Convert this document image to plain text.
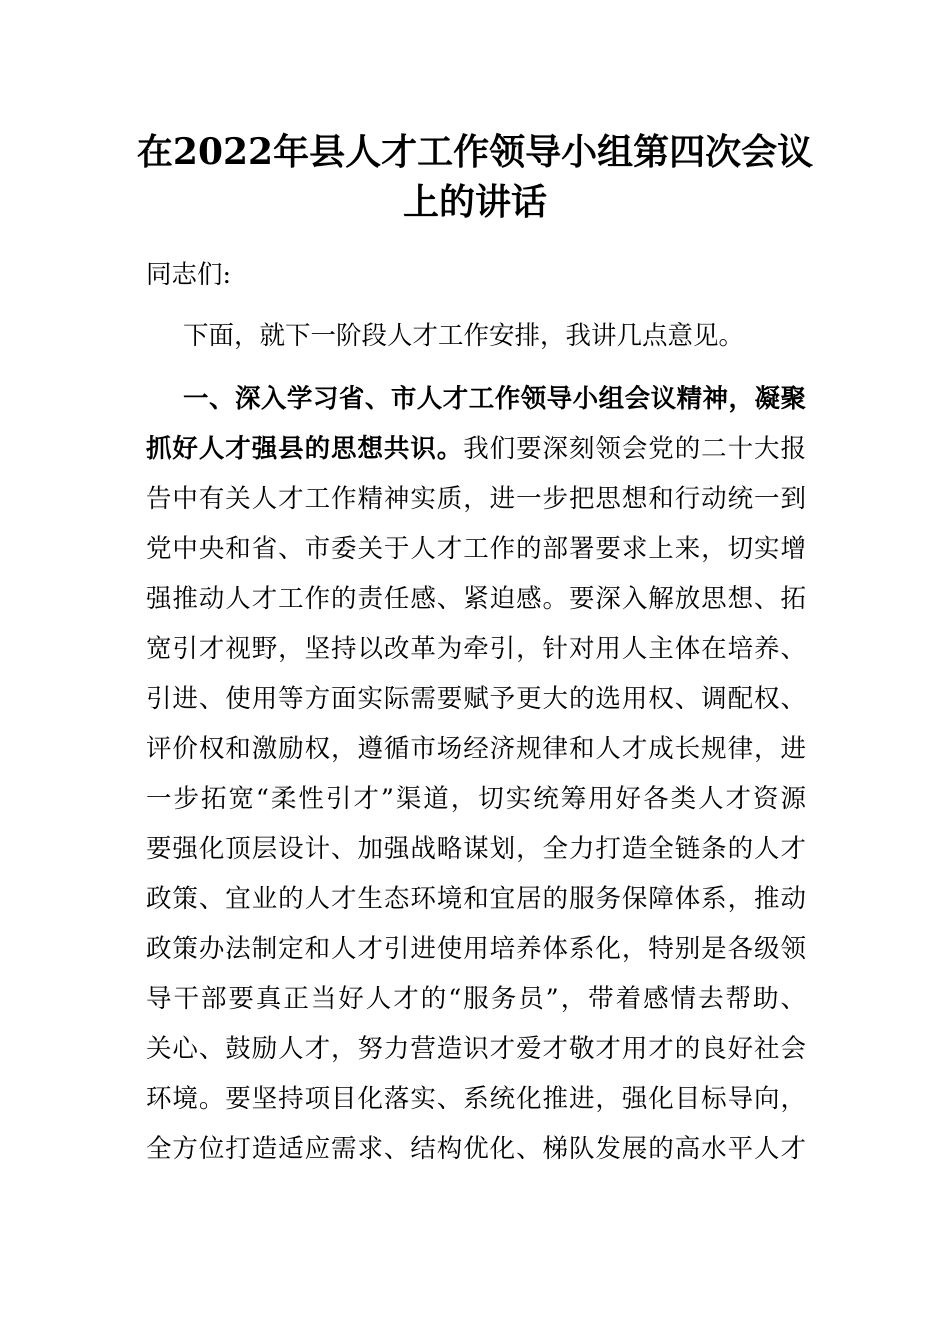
在2022年县人才工作领导小组第四次会议
上的讲话
同志们:
下面，就下一阶段人才工作安排，我讲几点意见。
一、深入学习省、市人才工作领导小组会议精神，凝聚
抓好人才强县的思想共识。我们要深刻领会党的二十大报
告中有关人才工作精神实质，进一步把思想和行动统一到
党中央和省、市委关于人才工作的部署要求上来，切实增
强推动人才工作的责任感、紧迫感。要深入解放思想、拓
宽引才视野，坚持以改革为牵引，针对用人主体在培养、
引进、使用等方面实际需要赋予更大的选用权、调配权、
评价权和激励权，遵循市场经济规律和人才成长规律，进
一步拓宽“柔性引才”渠道，切实统筹用好各类人才资源
要强化顶层设计、加强战略谋划，全力打造全链条的人才
政策、宜业的人才生态环境和宜居的服务保障体系，推动
政策办法制定和人才引进使用培养体系化，特别是各级领
导干部要真正当好人才的“服务员”，带着感情去帮助、
关心、鼓励人才，努力营造识才爱才敬才用才的良好社会
环境。要坚持项目化落实、系统化推进，强化目标导向，
全方位打造适应需求、结构优化、梯队发展的高水平人才
